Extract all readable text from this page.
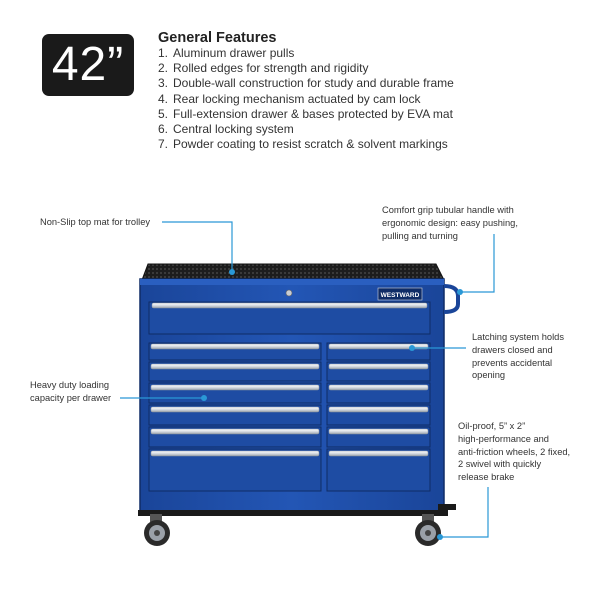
42”	General Features
1. Aluminum drawer pulls
2. Rolled edges for strength and rigidity
3. Double-wall construction for study and durable frame
4. Rear locking mechanism actuated by cam lock
5. Full-extension drawer & bases protected by EVA mat
6. Central locking system
7. Powder coating to resist scratch & solvent markings
WESTWARD
Non-Slip top mat for trolley
Comfort grip tubular handle with
ergonomic design: easy pushing,
pulling and turning
Latching system holds
drawers closed and
prevents accidental
opening
Heavy duty loading
capacity per drawer
Oil-proof, 5” x 2”
high-performance and
anti-friction wheels, 2 fixed,
2 swivel with quickly
release brake
